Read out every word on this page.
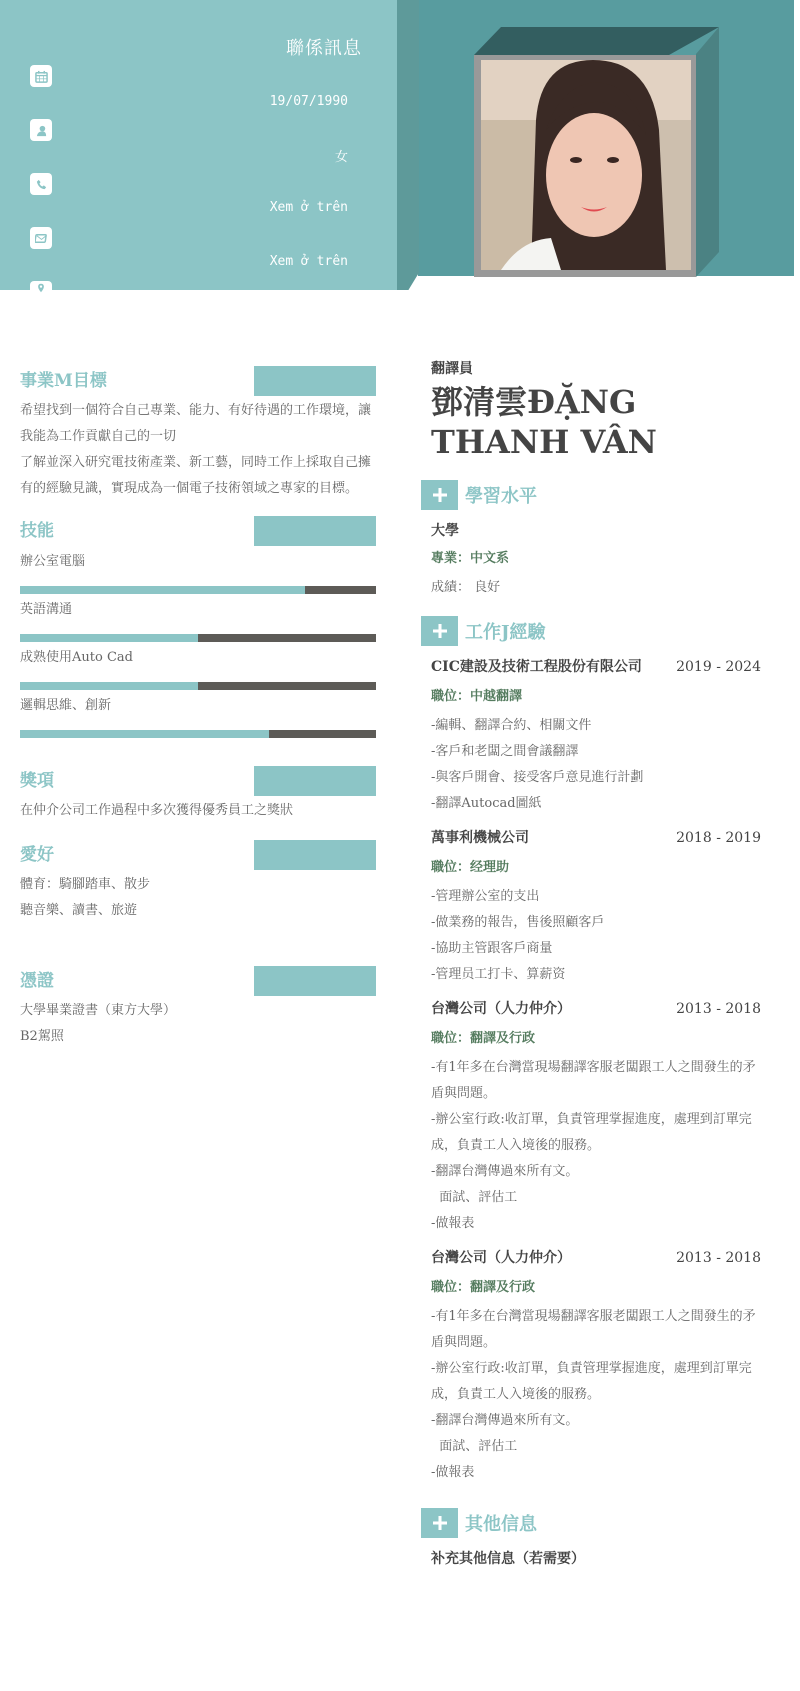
聯係訊息
19/07/1990
女
Xem ở trên
Xem ở trên
事業M目標
希望找到一個符合自己專業、能力、有好待遇的工作環境，讓我能為工作貢獻自己的一切
了解並深入研究電技術產業、新工藝，同時工作上採取自己擁有的經驗見識，實現成為一個電子技術領域之專家的目標。
技能
辦公室電腦
英語溝通
成熟使用Auto Cad
邏輯思維、創新
獎項
在仲介公司工作過程中多次獲得優秀員工之獎狀
愛好
體育：騎腳踏車、散步
聽音樂、讀書、旅遊
憑證
大學畢業證書（東方大學）
B2駕照
翻譯員
鄧清雲ĐẶNG THANH VÂN
學習水平
大學
專業：中文系
成績： 良好
工作J經驗
CIC建設及技術工程股份有限公司 2019 - 2024
職位：中越翻譯
-編輯、翻譯合約、相關文件
-客戶和老闆之間會議翻譯
-與客戶開會、接受客戶意見進行計劃
-翻譯Autocad圖紙
萬事利機械公司	2018 - 2019
職位：经理助
-管理辦公室的支出
-做業務的報告，售後照顧客戶
-協助主管跟客戶商量
-管理员工打卡、算薪资
台灣公司（人力仲介）	2013 - 2018
職位：翻譯及行政
-有1年多在台灣當現場翻譯客服老闆跟工人之間發生的矛盾與問題。
-辦公室行政:收訂單，負責管理掌握進度，處理到訂單完成，負責工人入境後的服務。
-翻譯台灣傳過來所有文。
面試、評估工
-做報表
台灣公司（人力仲介）	2013 - 2018
職位：翻譯及行政
-有1年多在台灣當現場翻譯客服老闆跟工人之間發生的矛盾與問題。
-辦公室行政:收訂單，負責管理掌握進度，處理到訂單完成，負責工人入境後的服務。
-翻譯台灣傳過來所有文。
面試、評估工
-做報表
其他信息
补充其他信息（若需要）
